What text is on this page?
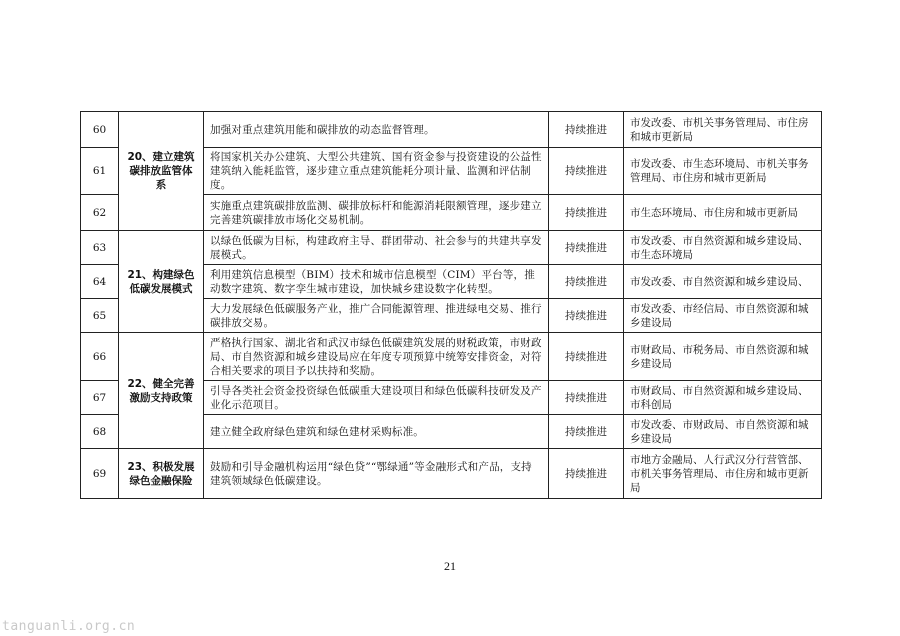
60	20、建立建筑碳排放监管体系	加强对重点建筑用能和碳排放的动态监督管理。	持续推进	市发改委、市机关事务管理局、市住房和城市更新局
61		将国家机关办公建筑、大型公共建筑、国有资金参与投资建设的公益性建筑纳入能耗监管，逐步建立重点建筑能耗分项计量、监测和评估制度。	持续推进	市发改委、市生态环境局、市机关事务管理局、市住房和城市更新局
62		实施重点建筑碳排放监测、碳排放标杆和能源消耗限额管理，逐步建立完善建筑碳排放市场化交易机制。	持续推进	市生态环境局、市住房和城市更新局
63	21、构建绿色低碳发展模式	以绿色低碳为目标，构建政府主导、群团带动、社会参与的共建共享发展模式。	持续推进	市发改委、市自然资源和城乡建设局、市生态环境局
64		利用建筑信息模型（BIM）技术和城市信息模型（CIM）平台等，推动数字建筑、数字孪生城市建设，加快城乡建设数字化转型。	持续推进	市发改委、市自然资源和城乡建设局、
65		大力发展绿色低碳服务产业，推广合同能源管理、推进绿电交易、推行碳排放交易。	持续推进	市发改委、市经信局、市自然资源和城乡建设局
66	22、健全完善激励支持政策	严格执行国家、湖北省和武汉市绿色低碳建筑发展的财税政策，市财政局、市自然资源和城乡建设局应在年度专项预算中统筹安排资金，对符合相关要求的项目予以扶持和奖励。	持续推进	市财政局、市税务局、市自然资源和城乡建设局
67		引导各类社会资金投资绿色低碳重大建设项目和绿色低碳科技研发及产业化示范项目。	持续推进	市财政局、市自然资源和城乡建设局、市科创局
68		建立健全政府绿色建筑和绿色建材采购标准。	持续推进	市发改委、市财政局、市自然资源和城乡建设局
69	23、积极发展绿色金融保险	鼓励和引导金融机构运用“绿色贷”“鄂绿通”等金融形式和产品，支持建筑领域绿色低碳建设。	持续推进	市地方金融局、人行武汉分行营管部、市机关事务管理局、市住房和城市更新局
21
tanguanli.org.cn
